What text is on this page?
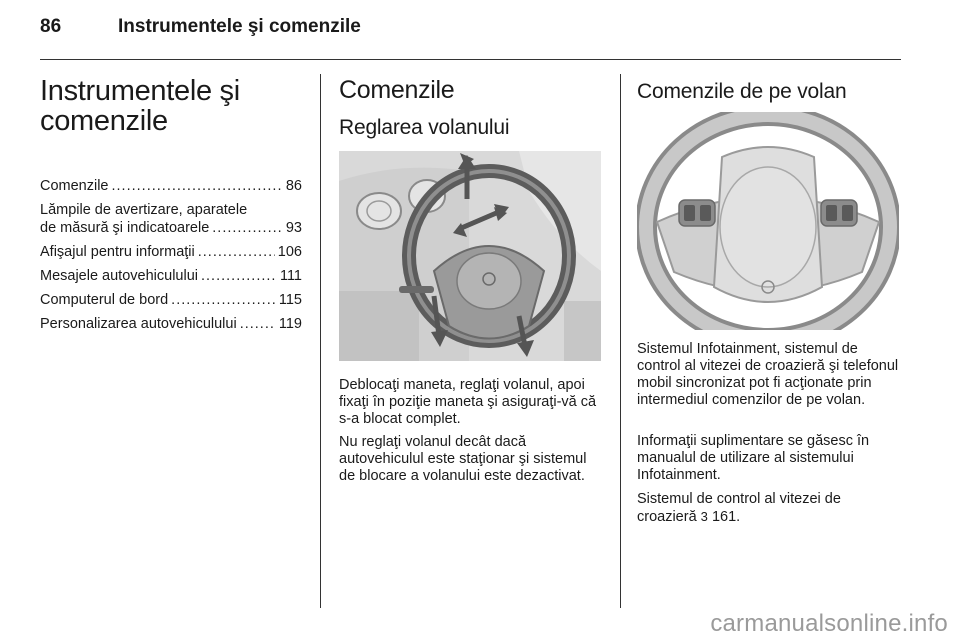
86	Instrumentele şi comenzile
Instrumentele şi comenzile
Comenzile .....	86
Lămpile de avertizare, aparatele
de măsură şi indicatoarele .....	93
Afişajul pentru informaţii .....	106
Mesajele autovehiculului .....	111
Computerul de bord .....	115
Personalizarea autovehiculului .....	119
Comenzile
Reglarea volanului

Deblocaţi maneta, reglaţi volanul, apoi fixaţi în poziţie maneta şi asiguraţi-vă că s-a blocat complet.

Nu reglaţi volanul decât dacă autovehiculul este staţionar şi sistemul de blocare a volanului este dezactivat.

Comenzile de pe volan

Sistemul Infotainment, sistemul de control al vitezei de croazieră şi telefonul mobil sincronizat pot fi acţionate prin intermediul comenzilor de pe volan.

Informaţii suplimentare se găsesc în manualul de utilizare al sistemului Infotainment.

Sistemul de control al vitezei de croazieră 3 161.

carmanualsonline.info
